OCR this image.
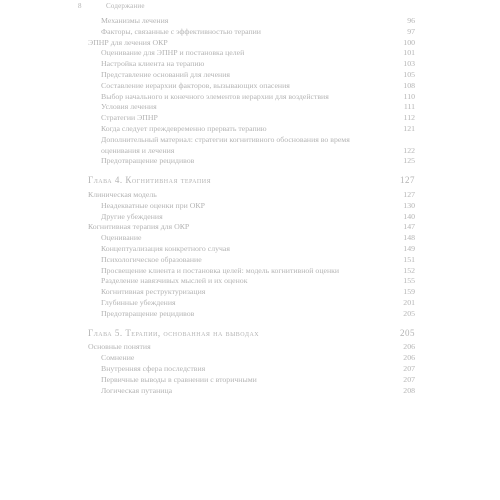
8	Содержание
Механизмы лечения	96
Факторы, связанные с эффективностью терапии	97
ЭПНР для лечения ОКР	100
Оценивание для ЭПНР и постановка целей	101
Настройка клиента на терапию	103
Представление оснований для лечения	105
Составление иерархии факторов, вызывающих опасения	108
Выбор начального и конечного элементов иерархии для воздействия	110
Условия лечения	111
Стратегии ЭПНР	112
Когда следует преждевременно прервать терапию	121
Дополнительный материал: стратегии когнитивного обоснования во время оценивания и лечения	122
Предотвращение рецидивов	125
Глава 4. Когнитивная терапия	127
Клиническая модель	127
Неадекватные оценки при ОКР	130
Другие убеждения	140
Когнитивная терапия для ОКР	147
Оценивание	148
Концептуализация конкретного случая	149
Психологическое образование	151
Просвещение клиента и постановка целей: модель когнитивной оценки	152
Разделение навязчивых мыслей и их оценок	155
Когнитивная реструктуризация	159
Глубинные убеждения	201
Предотвращение рецидивов	205
Глава 5. Терапии, основанная на выводах	205
Основные понятия	206
Сомнение	206
Внутренняя сфера последствия	207
Первичные выводы в сравнении с вторичными	207
Логическая путаница	208
